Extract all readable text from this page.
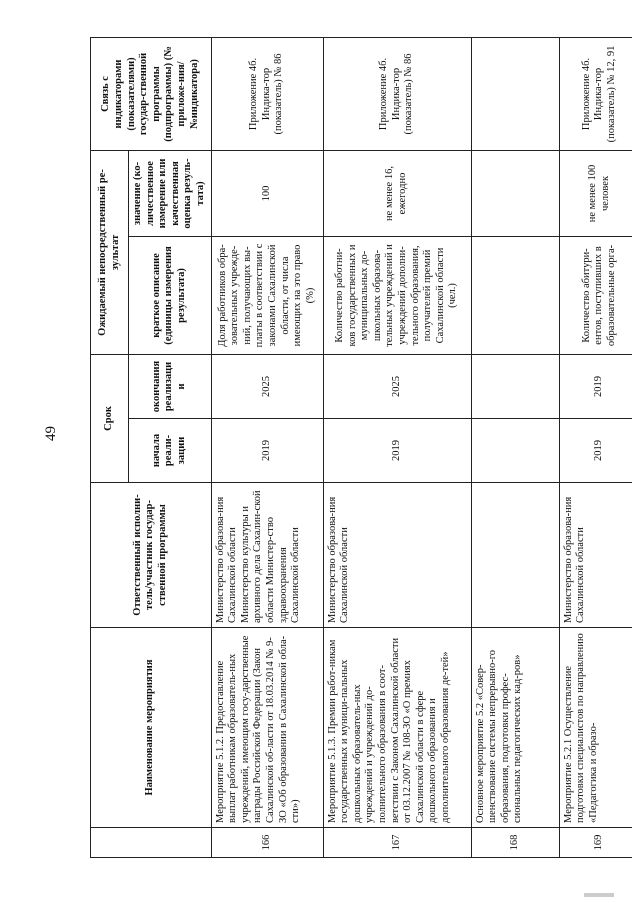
49
	Наименование мероприятия	Ответственный исполни-тель/участник государ-ственной программы	Срок		Ожидаемый непосредственный ре-зультат		Связь с индикаторами (показателями) государ-ственной программы (подпрограммы) (№ приложе-ния/№индикатора)
			начала реали-зации	окончания реализации	краткое описание (единицы измерения результата)	значение (ко-личественное измерение или качественная оценка резуль-тата)	
166	Мероприятие 5.1.2. Предоставление выплат работникам образователь-ных учреждений, имеющим госу-дарственные награды Российской Федерации (Закон Сахалинской об-ласти от 18.03.2014 № 9-ЗО «Об образовании в Сахалинской обла-сти»)	Министерство образова-ния Сахалинской области Министерство культуры и архивного дела Сахалин-ской области Министер-ство здравоохранения Сахалинской области	2019	2025	Доля работников обра-зовательных учрежде-ний, получающих вы-платы в соответствии с законами Сахалинской области, от числа имеющих на это право (%)	100	Приложение 4б. Индика-тор (показатель) № 86
167	Мероприятие 5.1.3. Премии работ-никам государственных и муници-пальных дошкольных образователь-ных учреждений и учреждений до-полнительного образования в соот-ветствии с Законом Сахалинской области от 03.12.2007 № 108-ЗО «О премиях Сахалинской области в сфере дошкольного образования и дополнительного образования де-тей»	Министерство образова-ния Сахалинской области	2019	2025	Количество работни-ков государственных и муниципальных до-школьных образова-тельных учреждений и учреждений дополни-тельного образования, получателей премий Сахалинской области (чел.)	не менее 16, ежегодно	Приложение 4б. Индика-тор (показатель) № 86
168	Основное мероприятие 5.2 «Совер-шенствование системы непрерывно-го образования, подготовки профес-сиональных педагогических кад-ров»						
169	Мероприятие 5.2.1 Осуществление подготовки специалистов по направлению «Педагогика и образо-	Министерство образова-ния Сахалинской области	2019	2019	Количество абитури-ентов, поступивших в образовательные орга-	не менее 100 человек	Приложение 4б. Индика-тор (показатель) № 12, 91
